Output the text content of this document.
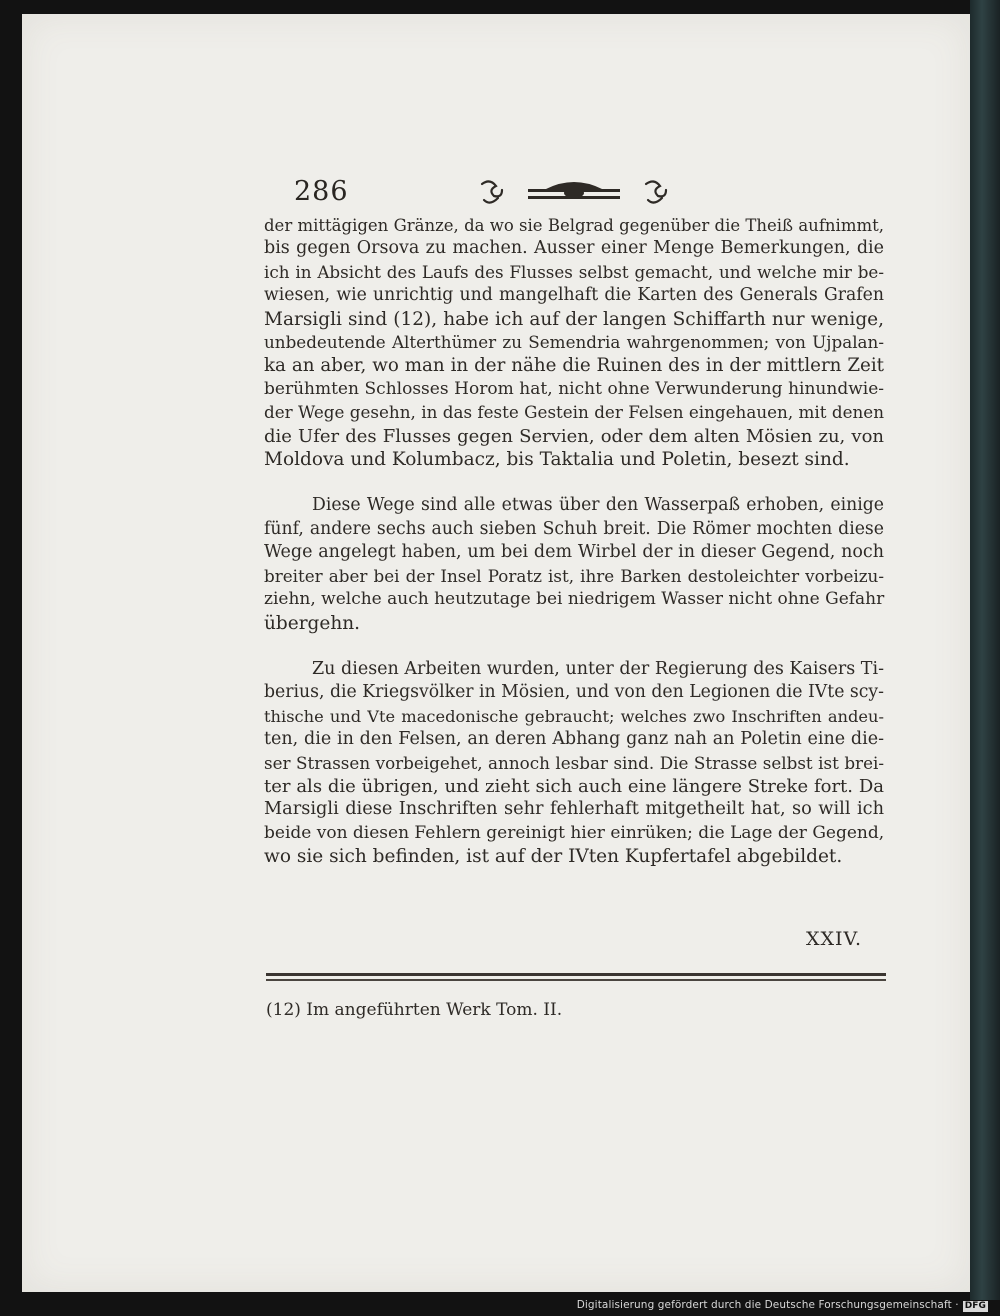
286
der mittägigen Gränze, da wo sie Belgrad gegenüber die Theiß aufnimmt,
bis gegen Orsova zu machen. Ausser einer Menge Bemerkungen, die
ich in Absicht des Laufs des Flusses selbst gemacht, und welche mir be-
wiesen, wie unrichtig und mangelhaft die Karten des Generals Grafen
Marsigli sind (12), habe ich auf der langen Schiffarth nur wenige,
unbedeutende Alterthümer zu Semendria wahrgenommen; von Ujpalan-
ka an aber, wo man in der nähe die Ruinen des in der mittlern Zeit
berühmten Schlosses Horom hat, nicht ohne Verwunderung hinundwie-
der Wege gesehn, in das feste Gestein der Felsen eingehauen, mit denen
die Ufer des Flusses gegen Servien, oder dem alten Mösien zu, von
Moldova und Kolumbacz, bis Taktalia und Poletin, besezt sind.
Diese Wege sind alle etwas über den Wasserpaß erhoben, einige
fünf, andere sechs auch sieben Schuh breit. Die Römer mochten diese
Wege angelegt haben, um bei dem Wirbel der in dieser Gegend, noch
breiter aber bei der Insel Poratz ist, ihre Barken destoleichter vorbeizu-
ziehn, welche auch heutzutage bei niedrigem Wasser nicht ohne Gefahr
übergehn.
Zu diesen Arbeiten wurden, unter der Regierung des Kaisers Ti-
berius, die Kriegsvölker in Mösien, und von den Legionen die IVte scy-
thische und Vte macedonische gebraucht; welches zwo Inschriften andeu-
ten, die in den Felsen, an deren Abhang ganz nah an Poletin eine die-
ser Strassen vorbeigehet, annoch lesbar sind. Die Strasse selbst ist brei-
ter als die übrigen, und zieht sich auch eine längere Streke fort. Da
Marsigli diese Inschriften sehr fehlerhaft mitgetheilt hat, so will ich
beide von diesen Fehlern gereinigt hier einrüken; die Lage der Gegend,
wo sie sich befinden, ist auf der IVten Kupfertafel abgebildet.
XXIV.
(12) Im angeführten Werk Tom. II.
Digitalisierung gefördert durch die Deutsche Forschungsgemeinschaft · DFG
